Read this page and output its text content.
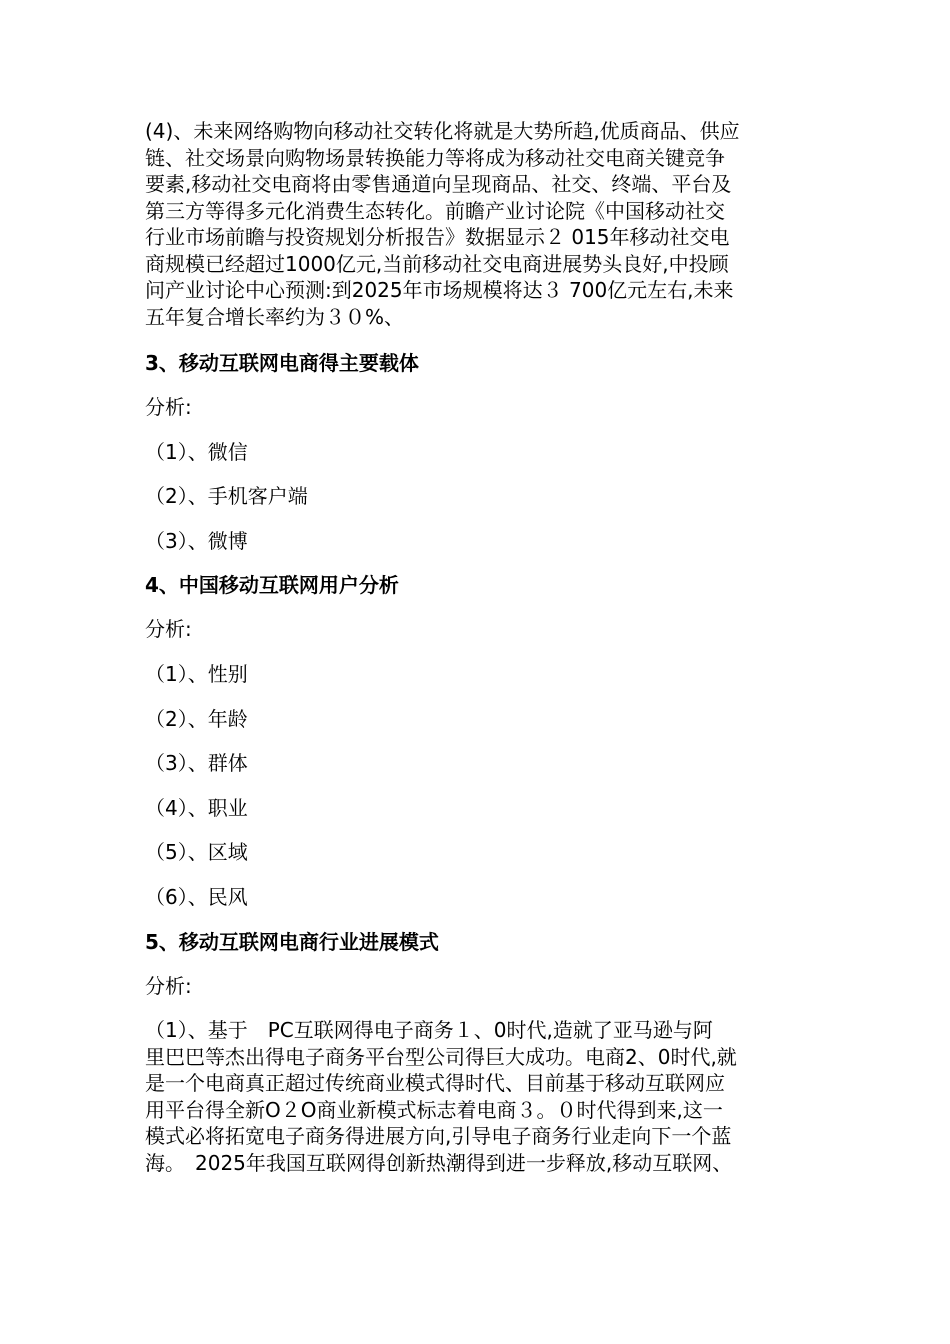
(4)、未来网络购物向移动社交转化将就是大势所趋,优质商品、供应
链、社交场景向购物场景转换能力等将成为移动社交电商关键竞争
要素,移动社交电商将由零售通道向呈现商品、社交、终端、平台及
第三方等得多元化消费生态转化。前瞻产业讨论院《中国移动社交
行业市场前瞻与投资规划分析报告》数据显示２ 015年移动社交电
商规模已经超过1000亿元,当前移动社交电商进展势头良好,中投顾
问产业讨论中心预测:到2025年市场规模将达３ 700亿元左右,未来
五年复合增长率约为３０%、
3、移动互联网电商得主要载体
分析:
（1）、微信
（2）、手机客户端
（3）、微博
4、中国移动互联网用户分析
分析:
（1）、性别
（2）、年龄
（3）、群体
（4）、职业
（5）、区域
（6）、民风
5、移动互联网电商行业进展模式
分析:
（1）、基于　PC互联网得电子商务１、0时代,造就了亚马逊与阿
里巴巴等杰出得电子商务平台型公司得巨大成功。电商2、0时代,就
是一个电商真正超过传统商业模式得时代、目前基于移动互联网应
用平台得全新O２O商业新模式标志着电商３。０时代得到来,这一
模式必将拓宽电子商务得进展方向,引导电子商务行业走向下一个蓝
海。　2025年我国互联网得创新热潮得到进一步释放,移动互联网、
